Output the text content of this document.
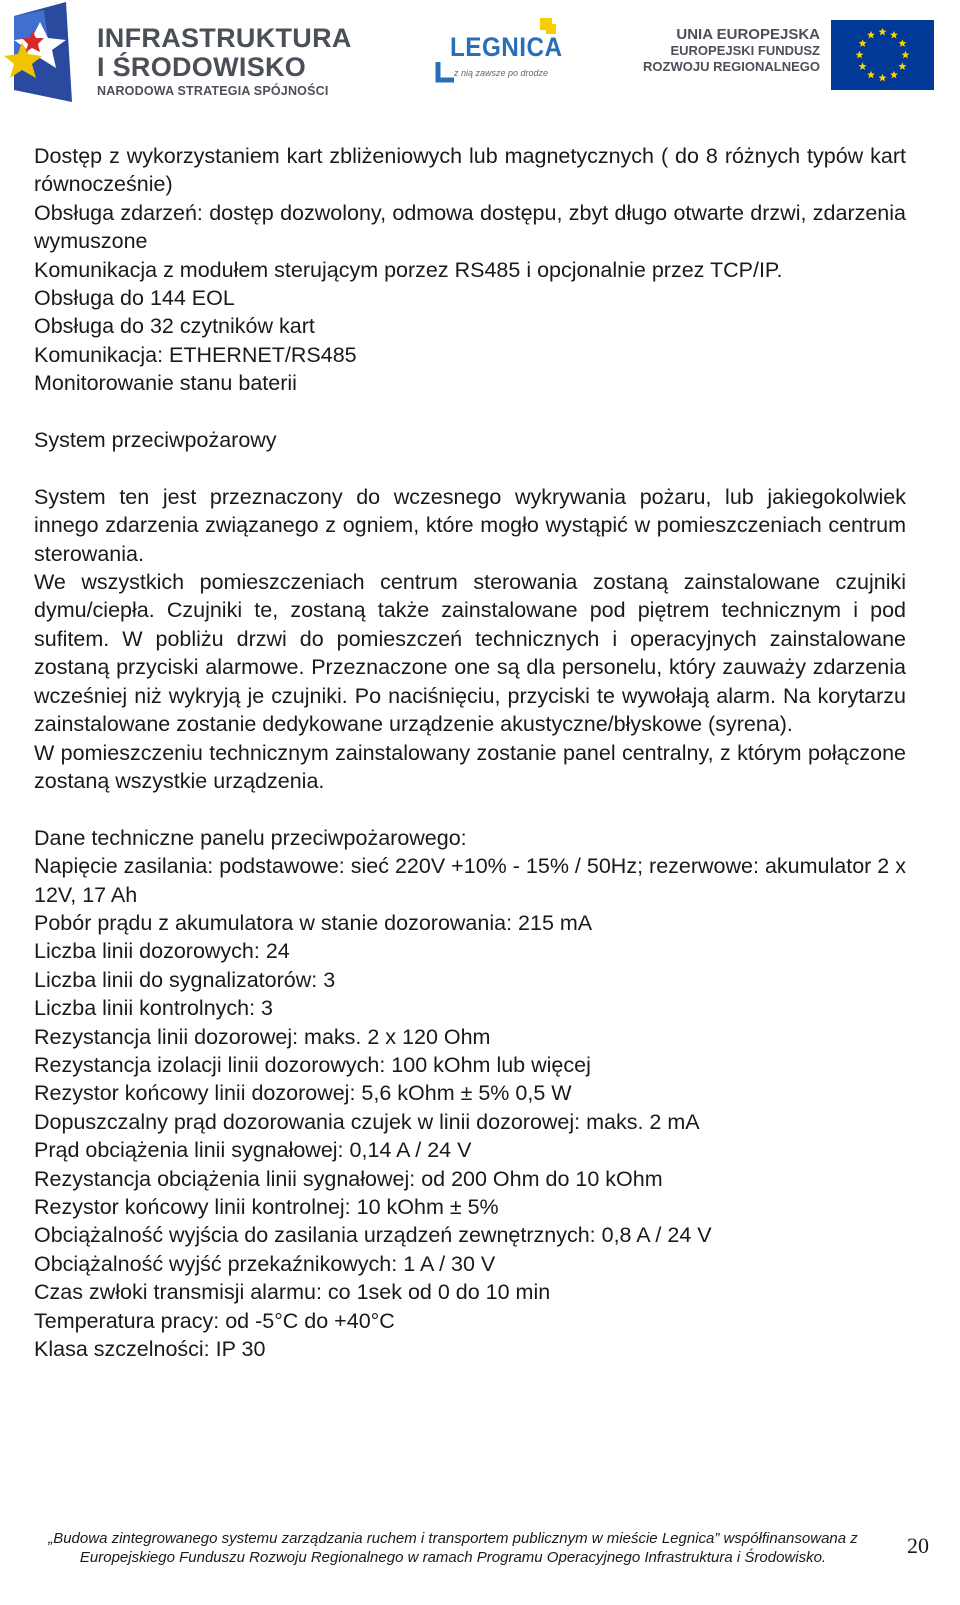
INFRASTRUKTURA
I ŚRODOWISKO
NARODOWA STRATEGIA SPÓJNOŚCI
LEGNICA
z nią zawsze po drodze
UNIA EUROPEJSKA
EUROPEJSKI FUNDUSZ
ROZWOJU REGIONALNEGO

Dostęp z wykorzystaniem kart zbliżeniowych lub magnetycznych ( do 8 różnych typów kart równocześnie)

Obsługa zdarzeń: dostęp dozwolony, odmowa dostępu, zbyt długo otwarte drzwi, zdarzenia wymuszone

Komunikacja z modułem sterującym porzez RS485 i opcjonalnie przez TCP/IP.

Obsługa do 144 EOL

Obsługa do 32 czytników kart

Komunikacja: ETHERNET/RS485

Monitorowanie stanu baterii

System przeciwpożarowy

System ten jest przeznaczony do wczesnego wykrywania pożaru, lub jakiegokolwiek innego zdarzenia związanego z ogniem, które mogło wystąpić w pomieszczeniach centrum sterowania.

We wszystkich pomieszczeniach centrum sterowania zostaną zainstalowane czujniki dymu/ciepła. Czujniki te, zostaną także zainstalowane pod piętrem technicznym i pod sufitem. W pobliżu drzwi do pomieszczeń technicznych i operacyjnych zainstalowane zostaną przyciski alarmowe. Przeznaczone one są dla personelu, który zauważy zdarzenia wcześniej niż wykryją je czujniki. Po naciśnięciu, przyciski te wywołają alarm. Na korytarzu zainstalowane zostanie dedykowane urządzenie akustyczne/błyskowe (syrena).

W pomieszczeniu technicznym zainstalowany zostanie panel centralny, z którym połączone zostaną wszystkie urządzenia.

Dane techniczne panelu przeciwpożarowego:

Napięcie zasilania: podstawowe: sieć 220V +10% - 15% / 50Hz; rezerwowe: akumulator 2 x 12V, 17 Ah

Pobór prądu z akumulatora w stanie dozorowania: 215 mA

Liczba linii dozorowych: 24

Liczba linii do sygnalizatorów: 3

Liczba linii kontrolnych: 3

Rezystancja linii dozorowej: maks. 2 x 120 Ohm

Rezystancja izolacji linii dozorowych: 100 kOhm lub więcej

Rezystor końcowy linii dozorowej: 5,6 kOhm ± 5% 0,5 W

Dopuszczalny prąd dozorowania czujek w linii dozorowej: maks. 2 mA

Prąd obciążenia linii sygnałowej: 0,14 A / 24 V

Rezystancja obciążenia linii sygnałowej: od 200 Ohm do 10 kOhm

Rezystor końcowy linii kontrolnej: 10 kOhm ± 5%

Obciążalność wyjścia do zasilania urządzeń zewnętrznych: 0,8 A / 24 V

Obciążalność wyjść przekaźnikowych: 1 A / 30 V

Czas zwłoki transmisji alarmu: co 1sek od 0 do 10 min

Temperatura pracy: od -5°C do +40°C

Klasa szczelności: IP 30

„Budowa zintegrowanego systemu zarządzania ruchem i transportem publicznym w mieście Legnica” współfinansowana z
Europejskiego Funduszu Rozwoju Regionalnego w ramach Programu Operacyjnego Infrastruktura i Środowisko.	20
